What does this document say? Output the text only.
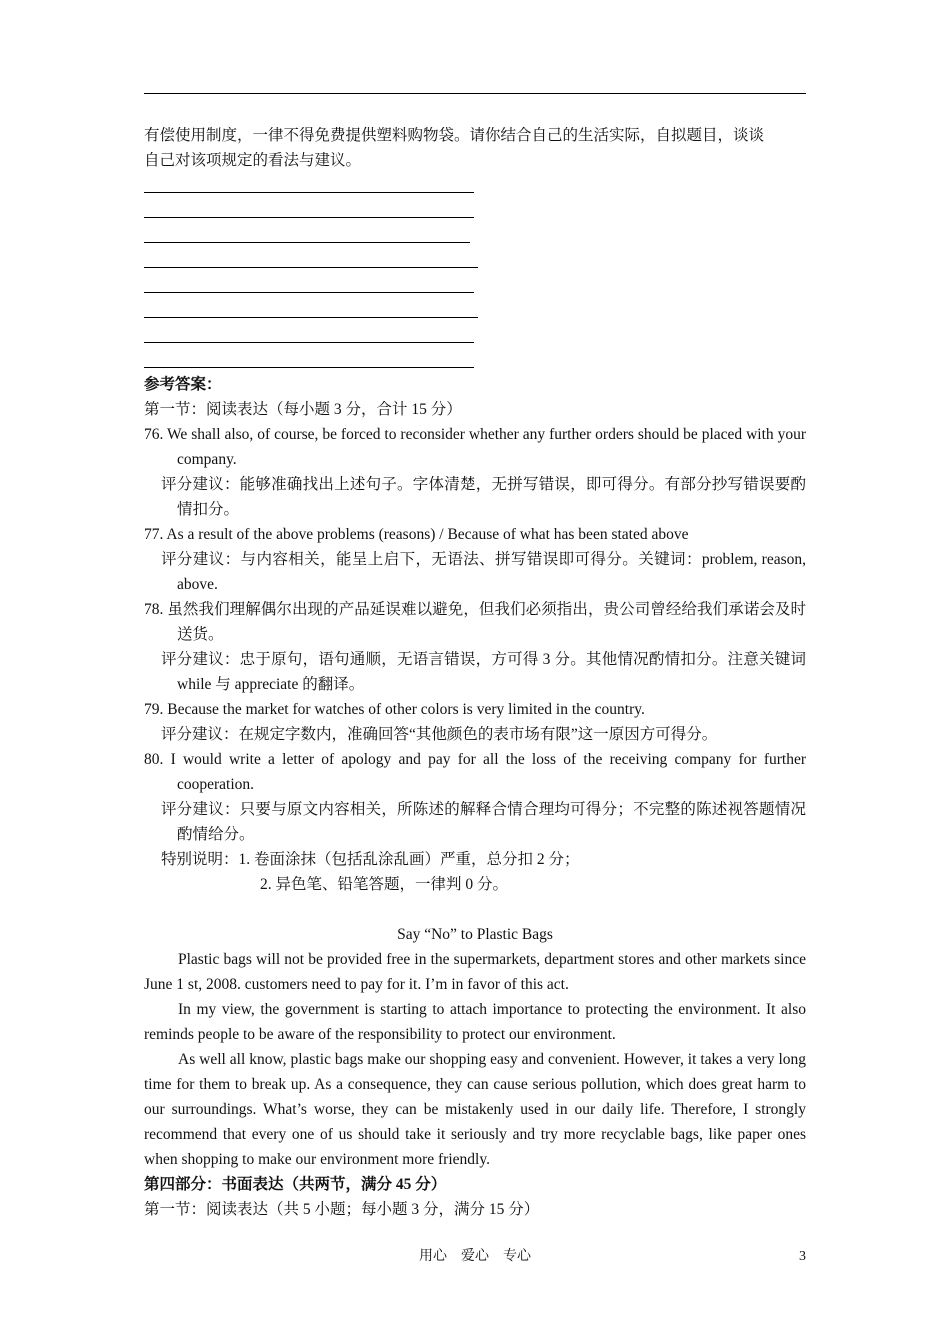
有偿使用制度，一律不得免费提供塑料购物袋。请你结合自己的生活实际，自拟题目，谈谈

自己对该项规定的看法与建议。

参考答案：

第一节：阅读表达（每小题 3 分，合计 15 分）

76. We shall also, of course, be forced to reconsider whether any further orders should be placed with your company.

评分建议：能够准确找出上述句子。字体清楚，无拼写错误，即可得分。有部分抄写错误要酌情扣分。

77. As a result of the above problems (reasons) / Because of what has been stated above

评分建议：与内容相关，能呈上启下，无语法、拼写错误即可得分。关键词：problem, reason, above.

78. 虽然我们理解偶尔出现的产品延误难以避免，但我们必须指出，贵公司曾经给我们承诺会及时送货。

评分建议：忠于原句，语句通顺，无语言错误，方可得 3 分。其他情况酌情扣分。注意关键词 while 与 appreciate 的翻译。

79. Because the market for watches of other colors is very limited in the country.

评分建议：在规定字数内，准确回答“其他颜色的表市场有限”这一原因方可得分。

80. I would write a letter of apology and pay for all the loss of the receiving company for further cooperation.

评分建议：只要与原文内容相关，所陈述的解释合情合理均可得分；不完整的陈述视答题情况酌情给分。

特别说明：1. 卷面涂抹（包括乱涂乱画）严重，总分扣 2 分；

2. 异色笔、铅笔答题，一律判 0 分。

Say “No” to Plastic Bags

Plastic bags will not be provided free in the supermarkets, department stores and other markets since June 1 st, 2008. customers need to pay for it. I’m in favor of this act.

In my view, the government is starting to attach importance to protecting the environment. It also reminds people to be aware of the responsibility to protect our environment.

As well all know, plastic bags make our shopping easy and convenient. However, it takes a very long time for them to break up. As a consequence, they can cause serious pollution, which does great harm to our surroundings. What’s worse, they can be mistakenly used in our daily life. Therefore, I strongly recommend that every one of us should take it seriously and try more recyclable bags, like paper ones when shopping to make our environment more friendly.

第四部分：书面表达（共两节，满分 45 分）

第一节：阅读表达（共 5 小题；每小题 3 分，满分 15 分）

用心　爱心　专心	3
